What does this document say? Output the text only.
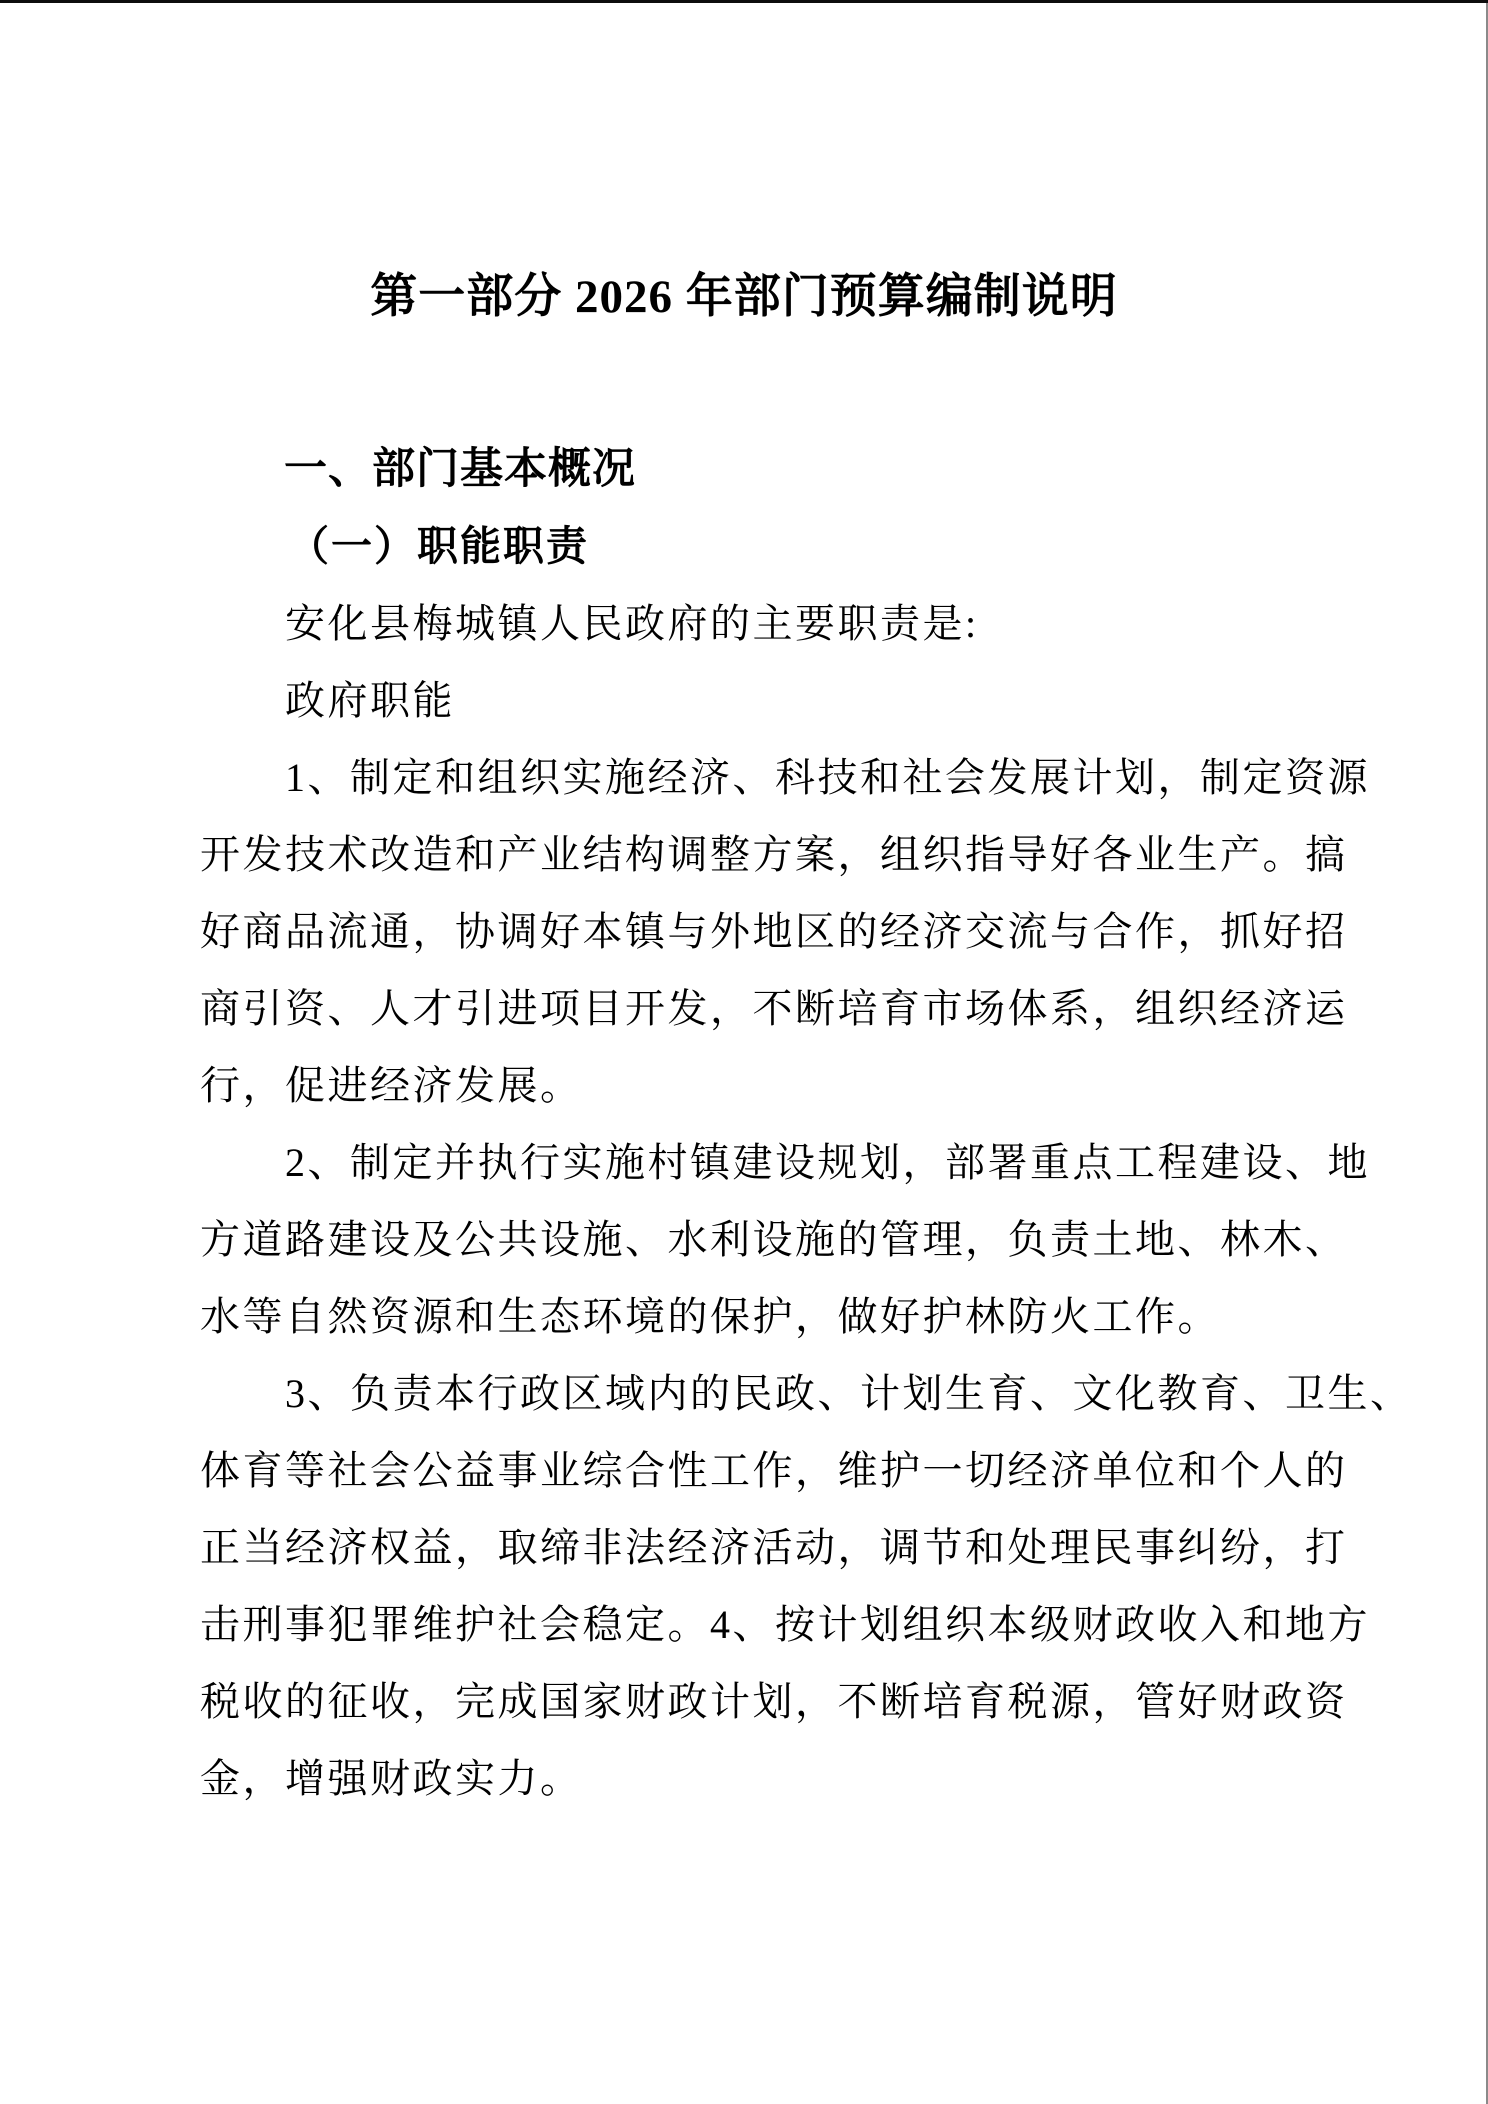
第一部分 2026 年部门预算编制说明
一、部门基本概况
（一）职能职责
安化县梅城镇人民政府的主要职责是:
政府职能
1、制定和组织实施经济、科技和社会发展计划，制定资源
开发技术改造和产业结构调整方案，组织指导好各业生产。搞
好商品流通，协调好本镇与外地区的经济交流与合作，抓好招
商引资、人才引进项目开发，不断培育市场体系，组织经济运
行，促进经济发展。
2、制定并执行实施村镇建设规划，部署重点工程建设、地
方道路建设及公共设施、水利设施的管理，负责土地、林木、
水等自然资源和生态环境的保护，做好护林防火工作。
3、负责本行政区域内的民政、计划生育、文化教育、卫生、
体育等社会公益事业综合性工作，维护一切经济单位和个人的
正当经济权益，取缔非法经济活动，调节和处理民事纠纷，打
击刑事犯罪维护社会稳定。4、按计划组织本级财政收入和地方
税收的征收，完成国家财政计划，不断培育税源，管好财政资
金，增强财政实力。
